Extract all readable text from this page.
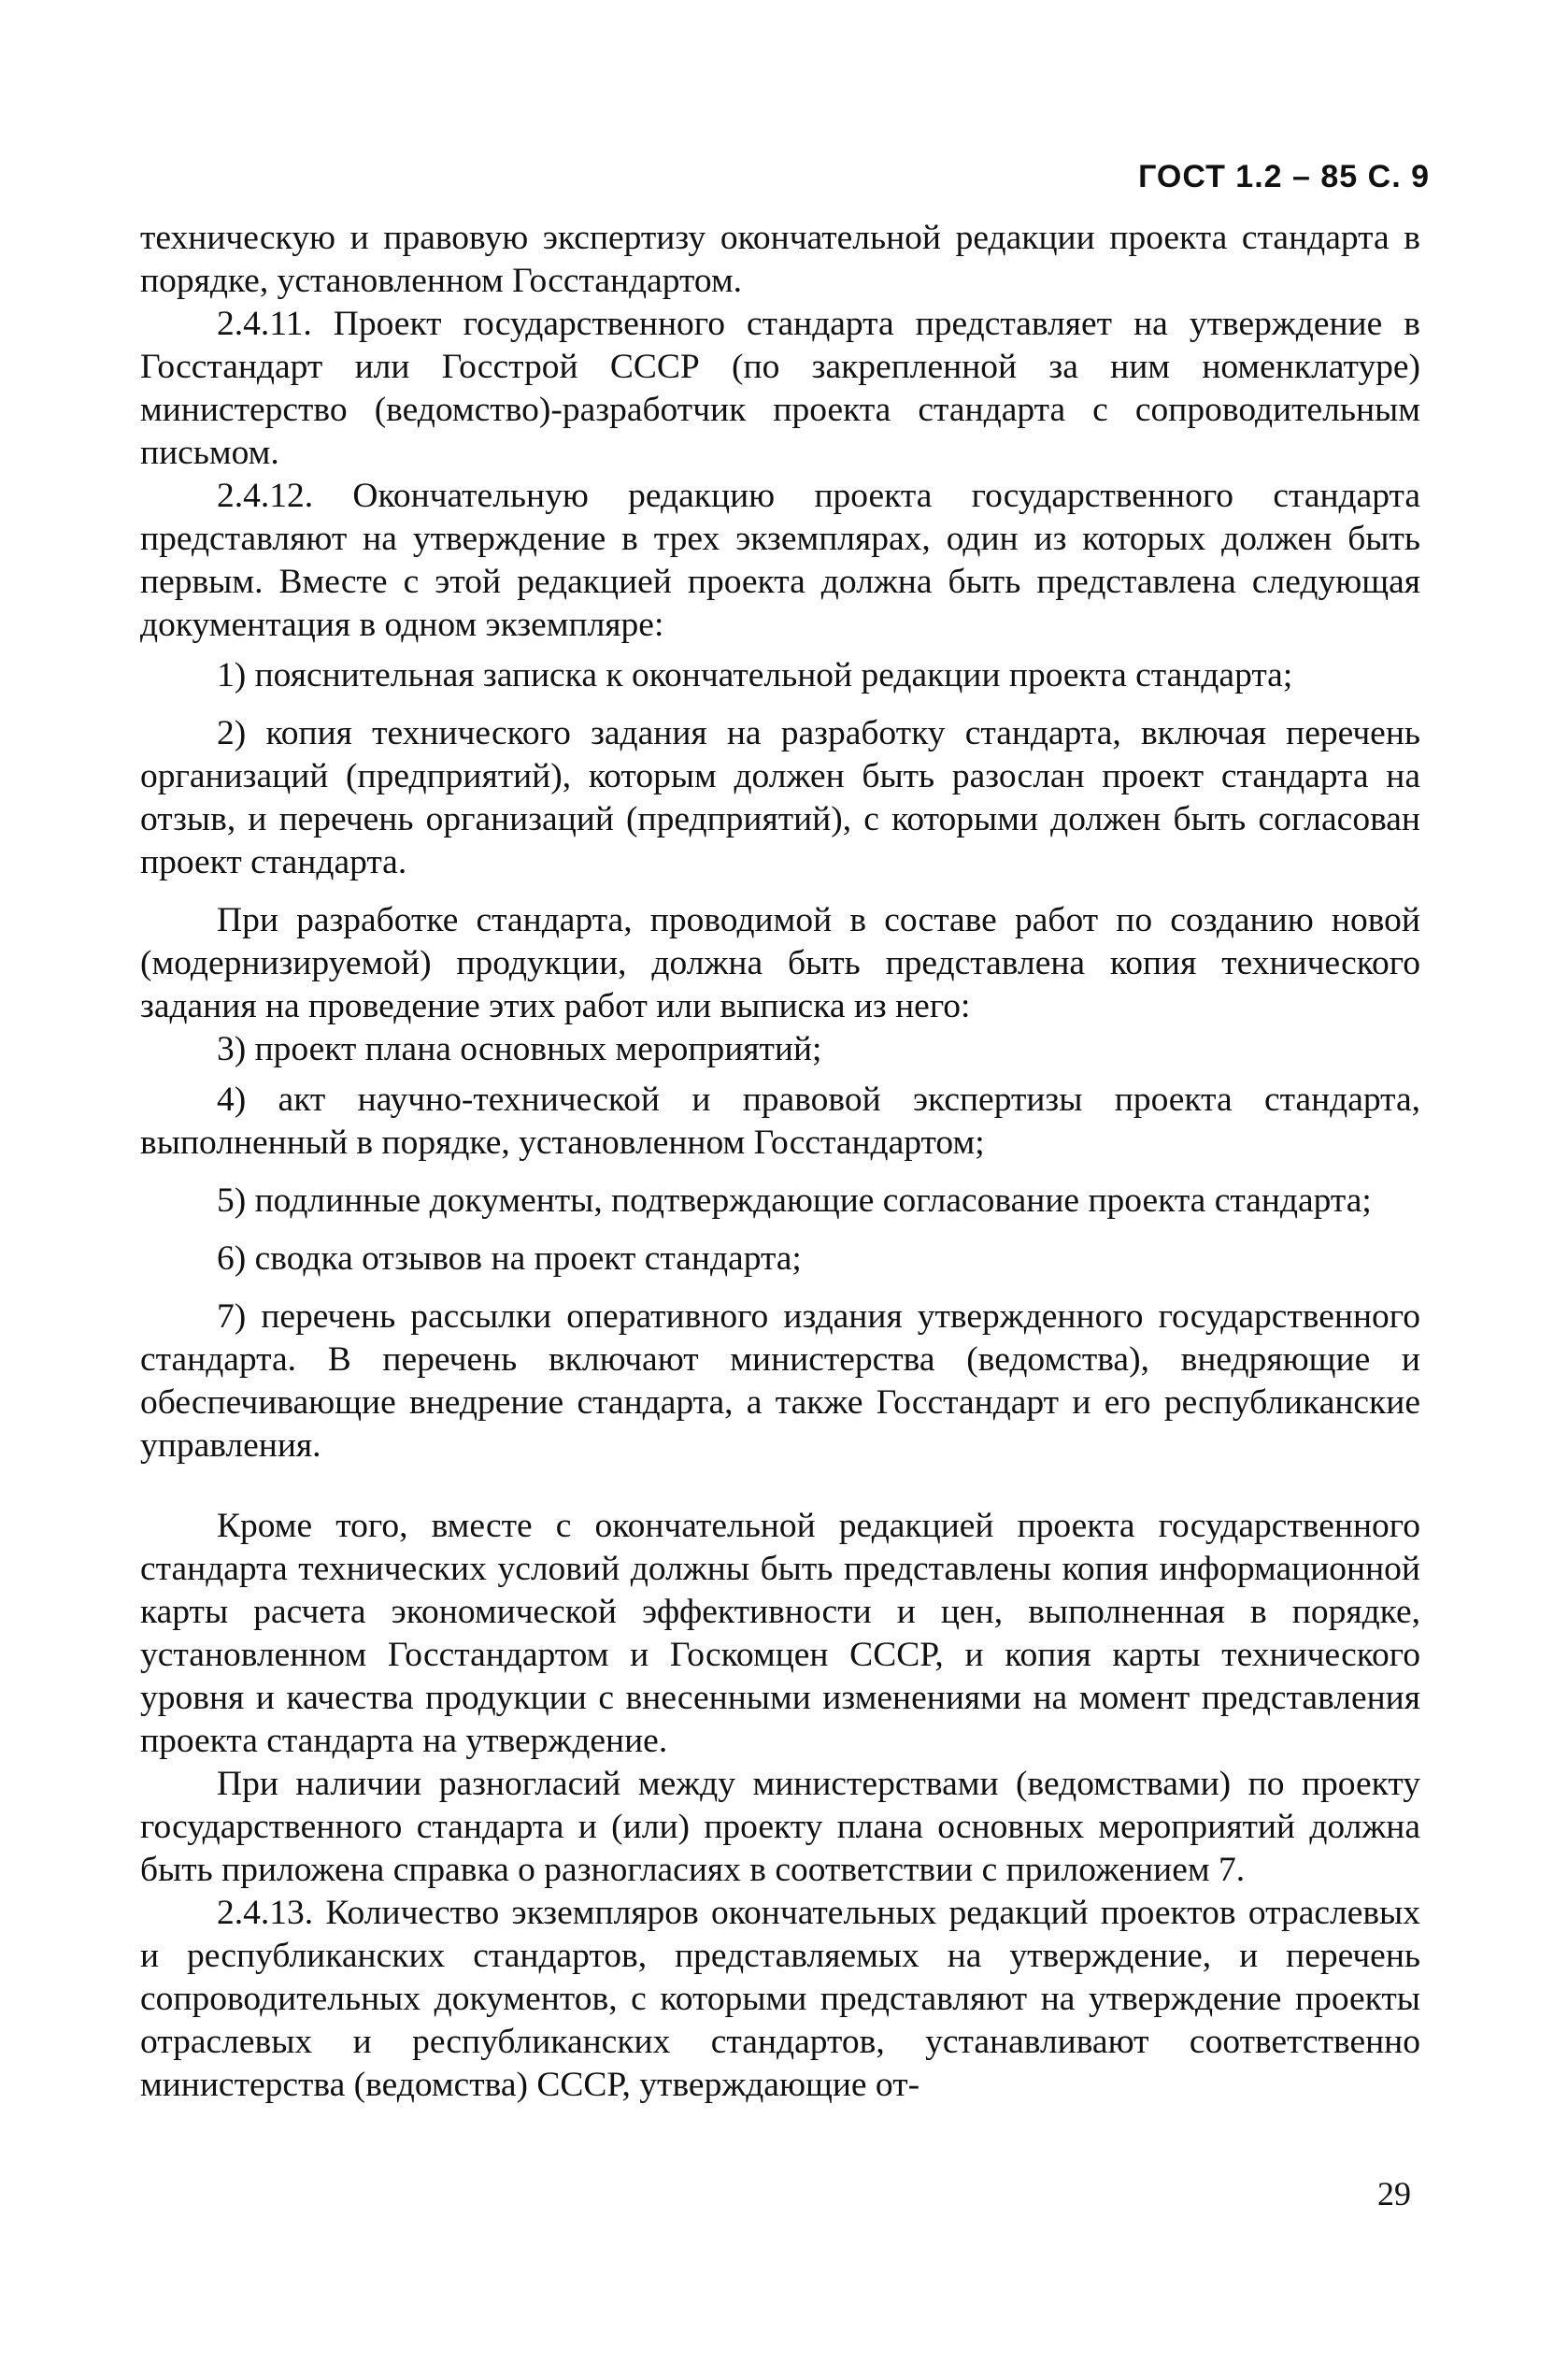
ГОСТ 1.2 – 85 С. 9

техническую и правовую экспертизу окончательной редакции проекта стандарта в порядке, установленном Госстандартом.

2.4.11. Проект государственного стандарта представляет на утверждение в Госстандарт или Госстрой СССР (по закрепленной за ним номенклатуре) министерство (ведомство)-разработчик проекта стандарта с сопроводительным письмом.

2.4.12. Окончательную редакцию проекта государственного стандарта представляют на утверждение в трех экземплярах, один из которых должен быть первым. Вместе с этой редакцией проекта должна быть представлена следующая документация в одном экземпляре:

1) пояснительная записка к окончательной редакции проекта стандарта;

2) копия технического задания на разработку стандарта, включая перечень организаций (предприятий), которым должен быть разослан проект стандарта на отзыв, и перечень организаций (предприятий), с которыми должен быть согласован проект стандарта.

При разработке стандарта, проводимой в составе работ по созданию новой (модернизируемой) продукции, должна быть представлена копия технического задания на проведение этих работ или выписка из него:

3) проект плана основных мероприятий;

4) акт научно-технической и правовой экспертизы проекта стандарта, выполненный в порядке, установленном Госстандартом;

5) подлинные документы, подтверждающие согласование проекта стандарта;

6) сводка отзывов на проект стандарта;

7) перечень рассылки оперативного издания утвержденного государственного стандарта. В перечень включают министерства (ведомства), внедряющие и обеспечивающие внедрение стандарта, а также Госстандарт и его республиканские управления.

Кроме того, вместе с окончательной редакцией проекта государственного стандарта технических условий должны быть представлены копия информационной карты расчета экономической эффективности и цен, выполненная в порядке, установленном Госстандартом и Госкомцен СССР, и копия карты технического уровня и качества продукции с внесенными изменениями на момент представления проекта стандарта на утверждение.

При наличии разногласий между министерствами (ведомствами) по проекту государственного стандарта и (или) проекту плана основных мероприятий должна быть приложена справка о разногласиях в соответствии с приложением 7.

2.4.13. Количество экземпляров окончательных редакций проектов отраслевых и республиканских стандартов, представляемых на утверждение, и перечень сопроводительных документов, с которыми представляют на утверждение проекты отраслевых и республиканских стандартов, устанавливают соответственно министерства (ведомства) СССР, утверждающие от-

29
